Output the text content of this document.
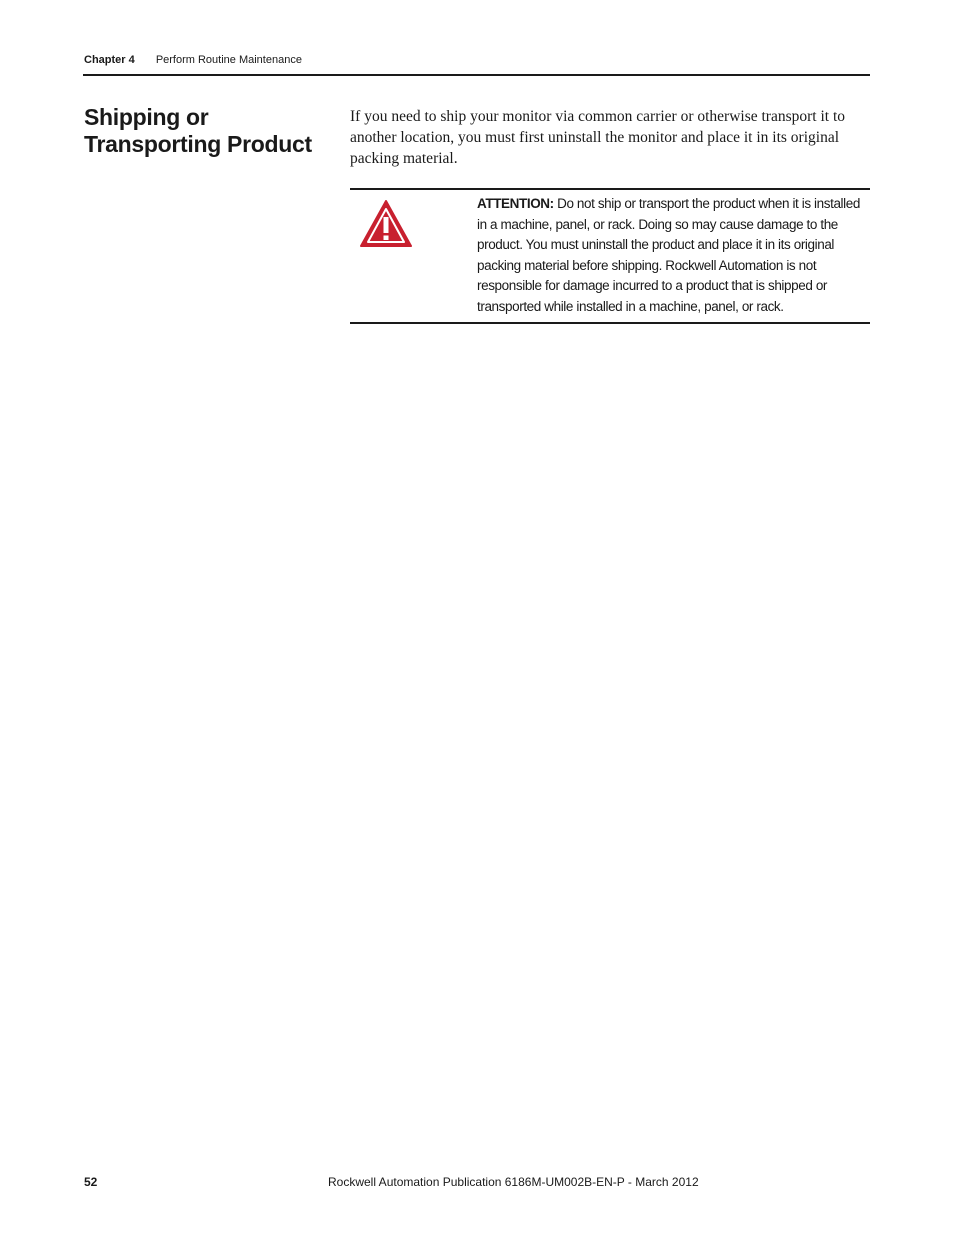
Chapter 4 Perform Routine Maintenance
Shipping or Transporting Product
If you need to ship your monitor via common carrier or otherwise transport it to another location, you must first uninstall the monitor and place it in its original packing material.
ATTENTION: Do not ship or transport the product when it is installed in a machine, panel, or rack. Doing so may cause damage to the product. You must uninstall the product and place it in its original packing material before shipping. Rockwell Automation is not responsible for damage incurred to a product that is shipped or transported while installed in a machine, panel, or rack.
52	Rockwell Automation Publication 6186M-UM002B-EN-P - March 2012
